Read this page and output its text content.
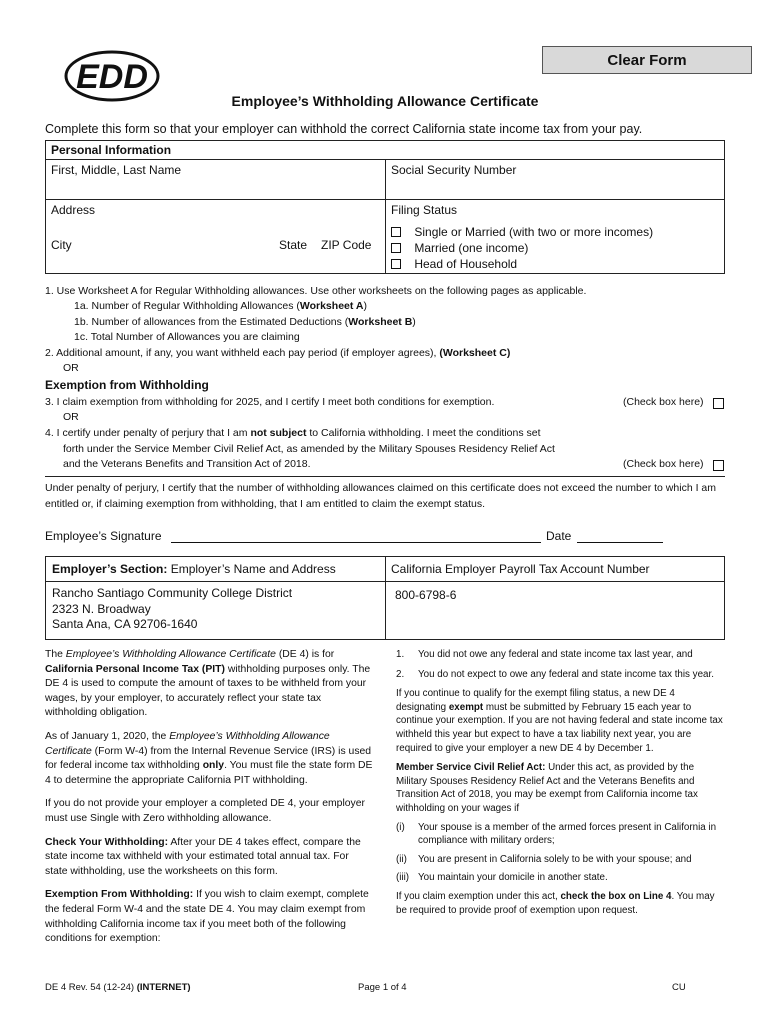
EDD	Clear Form
Employee’s Withholding Allowance Certificate
Complete this form so that your employer can withhold the correct California state income tax from your pay.
Personal Information
First, Middle, Last Name	Social Security Number
Address	Filing Status
City	State ZIP Code
Single or Married (with two or more incomes)
Married (one income)
Head of Household
1. Use Worksheet A for Regular Withholding allowances. Use other worksheets on the following pages as applicable.
1a. Number of Regular Withholding Allowances (Worksheet A)
1b. Number of allowances from the Estimated Deductions (Worksheet B)
1c. Total Number of Allowances you are claiming
2. Additional amount, if any, you want withheld each pay period (if employer agrees), (Worksheet C)
OR
Exemption from Withholding
3. I claim exemption from withholding for 2025, and I certify I meet both conditions for exemption.	(Check box here)
OR
4. I certify under penalty of perjury that I am not subject to California withholding. I meet the conditions set
forth under the Service Member Civil Relief Act, as amended by the Military Spouses Residency Relief Act
and the Veterans Benefits and Transition Act of 2018.	(Check box here)
Under penalty of perjury, I certify that the number of withholding allowances claimed on this certificate does not exceed the number to which I am entitled or, if claiming exemption from withholding, that I am entitled to claim the exempt status.
Employee’s Signature	Date
Employer’s Section: Employer’s Name and Address	California Employer Payroll Tax Account Number
Rancho Santiago Community College District
2323 N. Broadway
Santa Ana, CA 92706-1640
800-6798-6

The Employee’s Withholding Allowance Certificate (DE 4) is for California Personal Income Tax (PIT) withholding purposes only. The DE 4 is used to compute the amount of taxes to be withheld from your wages, by your employer, to accurately reflect your state tax withholding obligation.

As of January 1, 2020, the Employee’s Withholding Allowance Certificate (Form W-4) from the Internal Revenue Service (IRS) is used for federal income tax withholding only. You must file the state form DE 4 to determine the appropriate California PIT withholding.

If you do not provide your employer a completed DE 4, your employer must use Single with Zero withholding allowance.

Check Your Withholding: After your DE 4 takes effect, compare the state income tax withheld with your estimated total annual tax. For state withholding, use the worksheets on this form.

Exemption From Withholding: If you wish to claim exempt, complete the federal Form W-4 and the state DE 4. You may claim exempt from withholding California income tax if you meet both of the following conditions for exemption:

1.	You did not owe any federal and state income tax last year, and
2.	You do not expect to owe any federal and state income tax this year.

If you continue to qualify for the exempt filing status, a new DE 4 designating exempt must be submitted by February 15 each year to continue your exemption. If you are not having federal and state income tax withheld this year but expect to have a tax liability next year, you are required to give your employer a new DE 4 by December 1.

Member Service Civil Relief Act: Under this act, as provided by the Military Spouses Residency Relief Act and the Veterans Benefits and Transition Act of 2018, you may be exempt from California income tax withholding on your wages if

(i)	Your spouse is a member of the armed forces present in California in compliance with military orders;
(ii)	You are present in California solely to be with your spouse; and
(iii) You maintain your domicile in another state.

If you claim exemption under this act, check the box on Line 4. You may be required to provide proof of exemption upon request.

DE 4 Rev. 54 (12-24) (INTERNET)	Page 1 of 4	CU
